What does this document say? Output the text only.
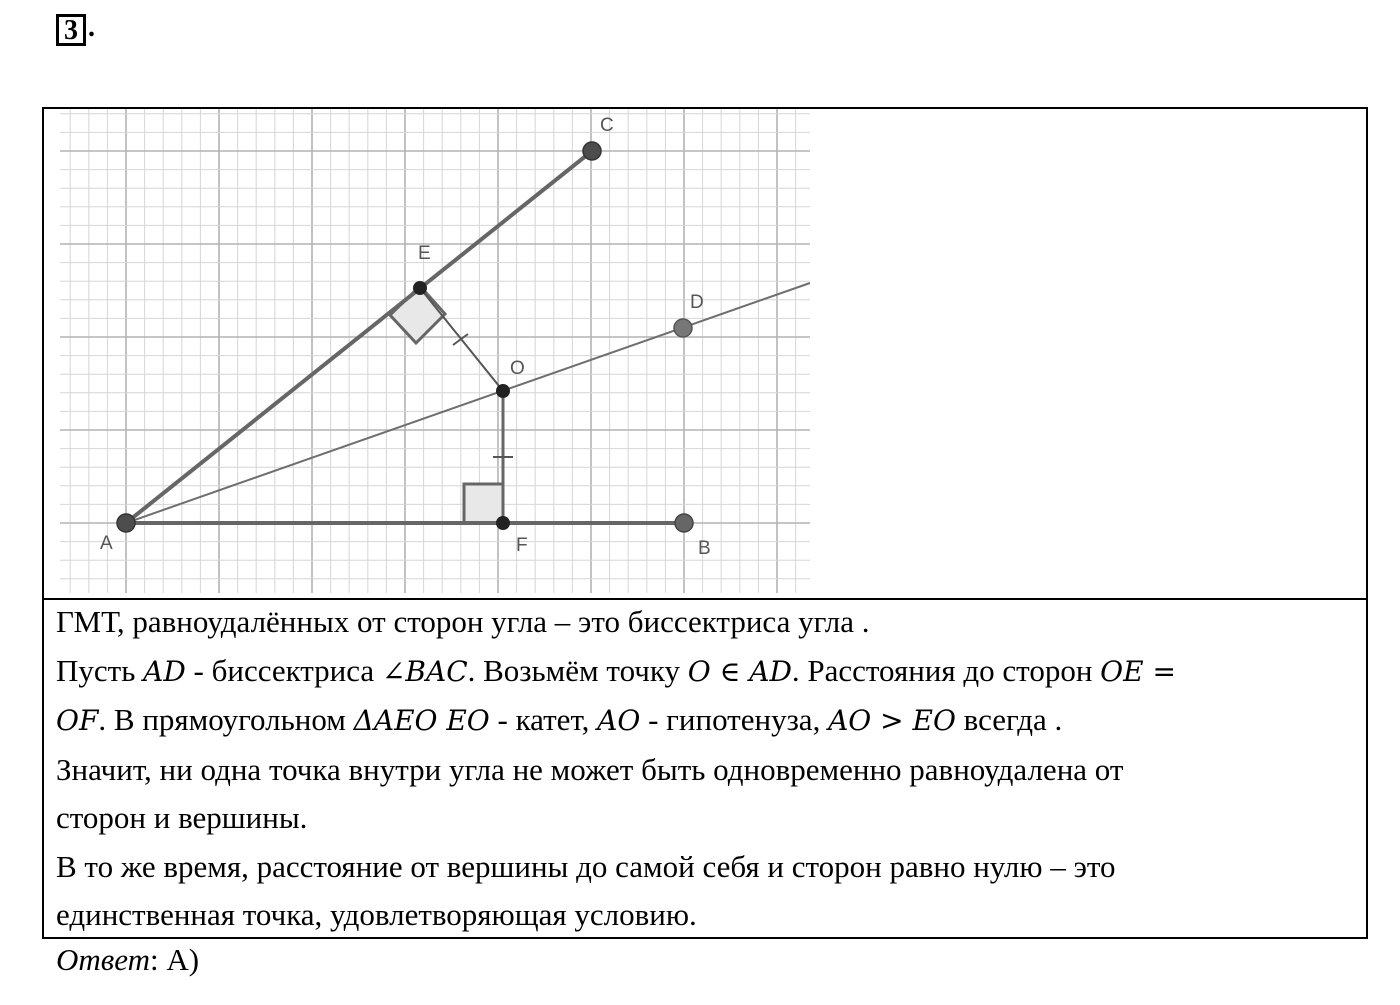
3 .
A	B
C
D
E
O
F

ГМТ, равноудалённых от сторон угла – это биссектриса угла .

Пусть AD - биссектриса ∠BAC. Возьмём точку O ∈ AD. Расстояния до сторон OE =

OF. В прямоугольном ΔAEO EO - катет, AO - гипотенуза, AO > EO всегда .

Значит, ни одна точка внутри угла не может быть одновременно равноудалена от

сторон и вершины.

В то же время, расстояние от вершины до самой себя и сторон равно нулю – это

единственная точка, удовлетворяющая условию.

Ответ: А)
